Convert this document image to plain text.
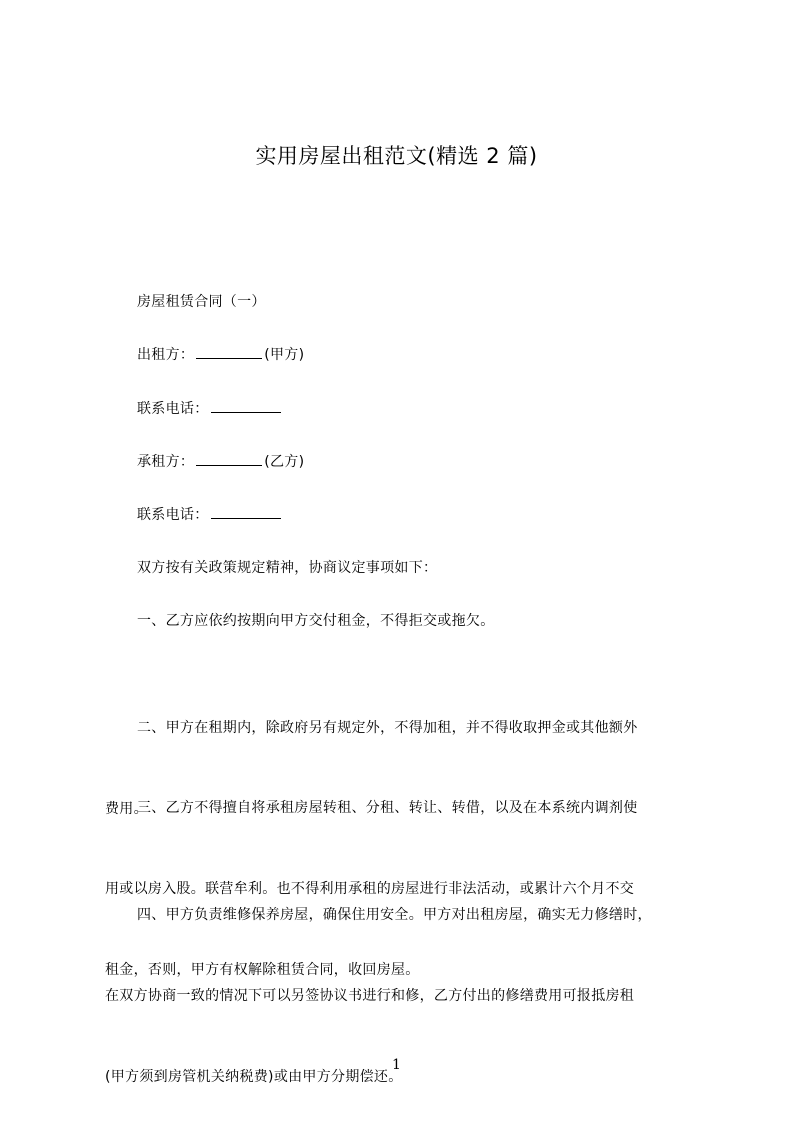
实用房屋出租范文(精选 2 篇)

房屋租赁合同（一）

出租方：	(甲方)

联系电话：

承租方：	(乙方)

联系电话：

双方按有关政策规定精神，协商议定事项如下：

一、乙方应依约按期向甲方交付租金，不得拒交或拖欠。

二、甲方在租期内，除政府另有规定外，不得加租，并不得收取押金或其他额外

费用。

三、乙方不得擅自将承租房屋转租、分租、转让、转借，以及在本系统内调剂使

用或以房入股。联营牟利。也不得利用承租的房屋进行非法活动，或累计六个月不交

租金，否则，甲方有权解除租赁合同，收回房屋。

四、甲方负责维修保养房屋，确保住用安全。甲方对出租房屋，确实无力修缮时，

在双方协商一致的情况下可以另签协议书进行和修，乙方付出的修缮费用可报抵房租

(甲方须到房管机关纳税费)或由甲方分期偿还。

1
